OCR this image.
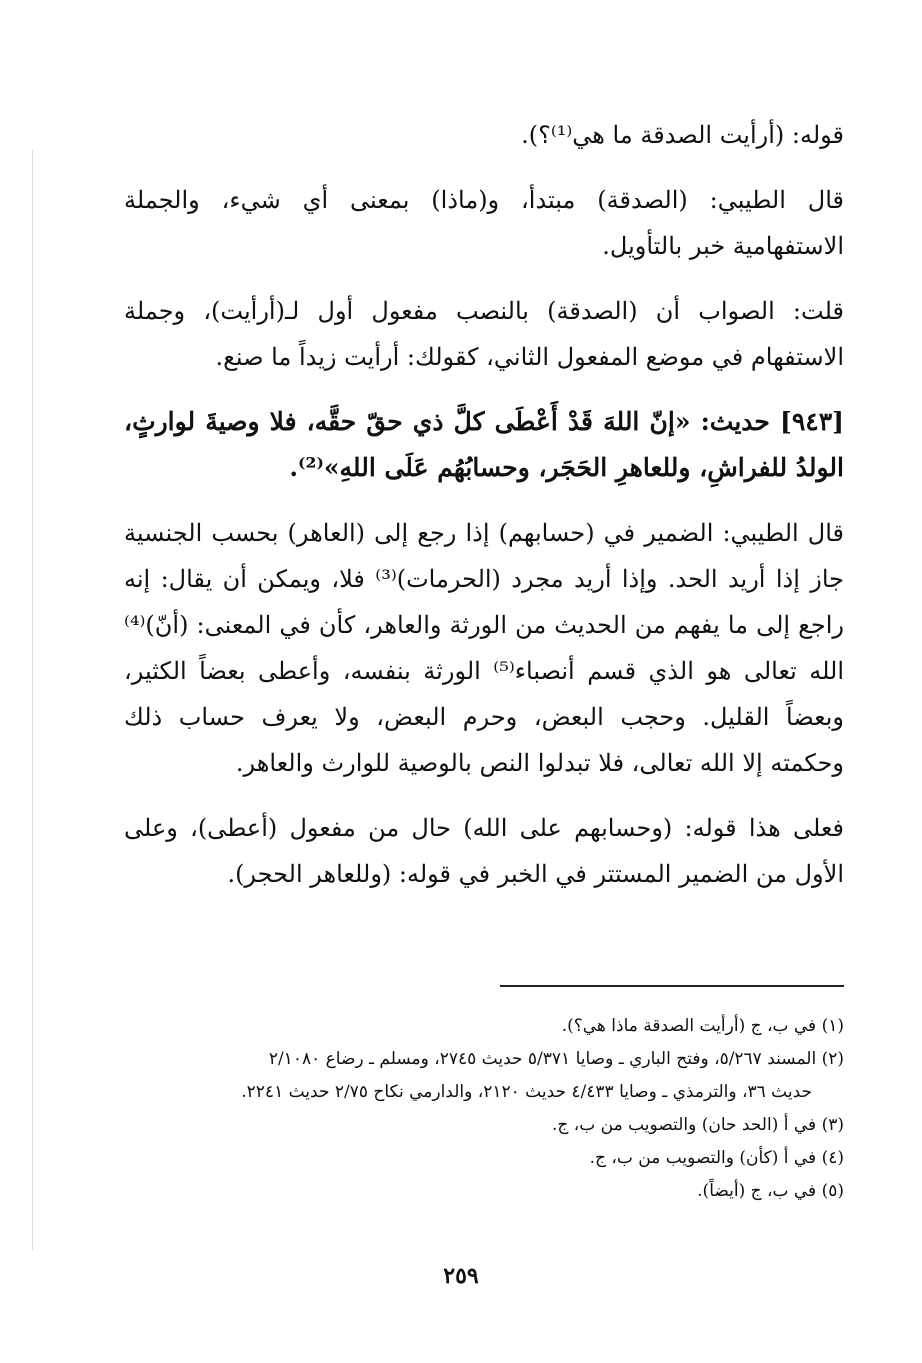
قوله: (أرأيت الصدقة ما هي⁽¹⁾؟).

قال الطيبي: (الصدقة) مبتدأ، و(ماذا) بمعنى أي شيء، والجملة الاستفهامية خبر بالتأويل.

قلت: الصواب أن (الصدقة) بالنصب مفعول أول لـ(أرأيت)، وجملة الاستفهام في موضع المفعول الثاني، كقولك: أرأيت زيداً ما صنع.

[٩٤٣] حديث: «إنّ اللهَ قَدْ أَعْطَى كلَّ ذي حقّ حقَّه، فلا وصيةَ لوارثٍ، الولدُ للفراشِ، وللعاهرِ الحَجَر، وحسابُهُم عَلَى اللهِ»⁽²⁾.

قال الطيبي: الضمير في (حسابهم) إذا رجع إلى (العاهر) بحسب الجنسية جاز إذا أريد الحد. وإذا أريد مجرد (الحرمات)⁽³⁾ فلا، ويمكن أن يقال: إنه راجع إلى ما يفهم من الحديث من الورثة والعاهر، كأن في المعنى: (أنّ)⁽⁴⁾ الله تعالى هو الذي قسم أنصباء⁽⁵⁾ الورثة بنفسه، وأعطى بعضاً الكثير، وبعضاً القليل. وحجب البعض، وحرم البعض، ولا يعرف حساب ذلك وحكمته إلا الله تعالى، فلا تبدلوا النص بالوصية للوارث والعاهر.

فعلى هذا قوله: (وحسابهم على الله) حال من مفعول (أعطى)، وعلى الأول من الضمير المستتر في الخبر في قوله: (وللعاهر الحجر).

(١) في ب، ج (أرأيت الصدقة ماذا هي؟).

(٢) المسند ٥/٢٦٧، وفتح الباري ـ وصايا ٥/٣٧١ حديث ٢٧٤٥، ومسلم ـ رضاع ٢/١٠٨٠

حديث ٣٦، والترمذي ـ وصايا ٤/٤٣٣ حديث ٢١٢٠، والدارمي نكاح ٢/٧٥ حديث ٢٢٤١.

(٣) في أ (الحد حان) والتصويب من ب، ج.

(٤) في أ (كأن) والتصويب من ب، ج.

(٥) في ب، ج (أيضاً).

٢٥٩
